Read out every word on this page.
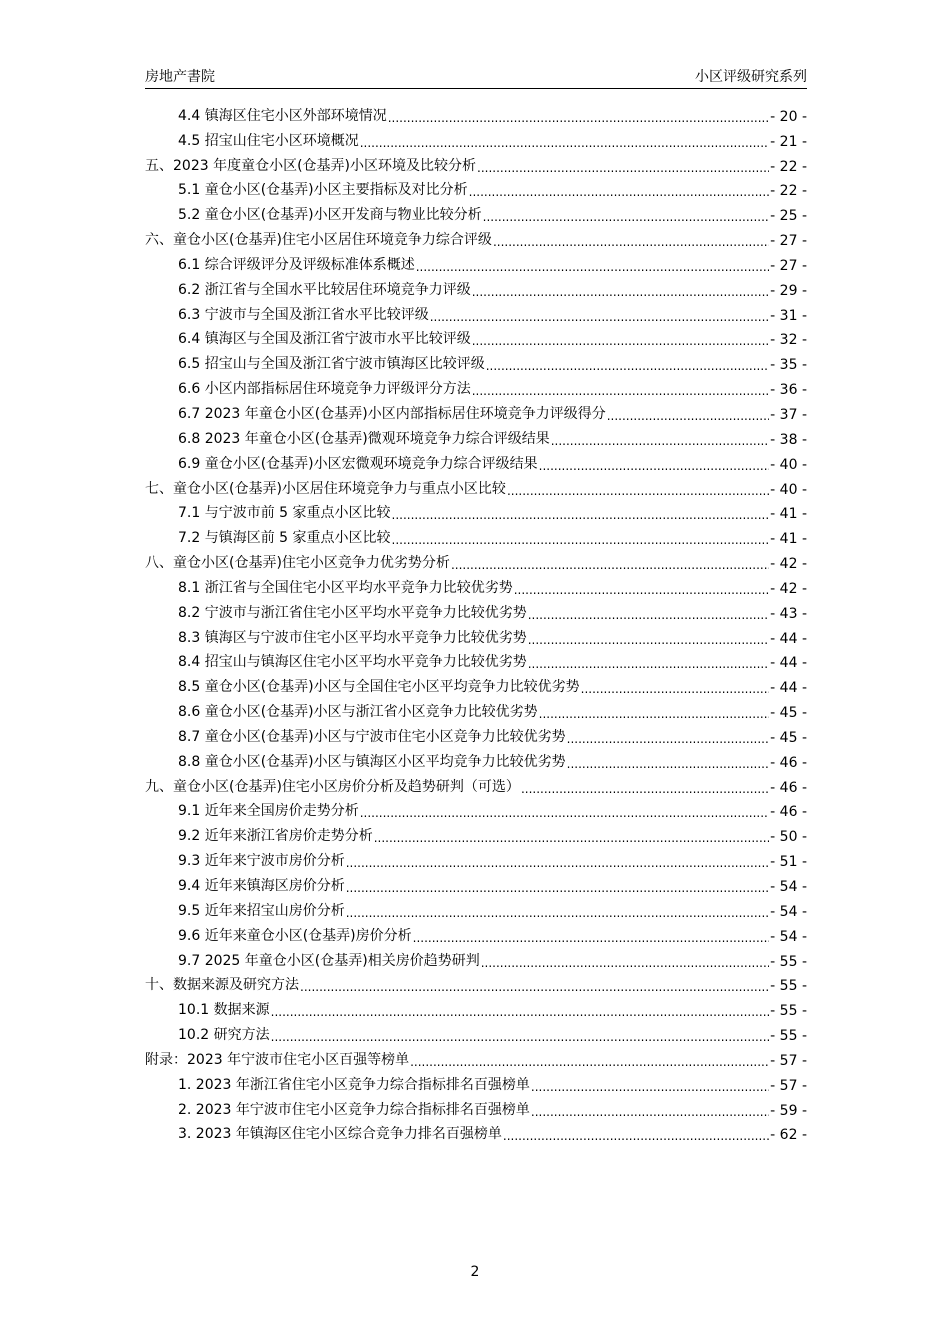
房地产書院	小区评级研究系列
4.4 镇海区住宅小区外部环境情况 .....	- 20 -
4.5 招宝山住宅小区环境概况 .....	- 21 -
五、2023 年度童仓小区(仓基弄)小区环境及比较分析 .....	- 22 -
5.1 童仓小区(仓基弄)小区主要指标及对比分析 .....	- 22 -
5.2 童仓小区(仓基弄)小区开发商与物业比较分析 .....	- 25 -
六、童仓小区(仓基弄)住宅小区居住环境竞争力综合评级 .....	- 27 -
6.1 综合评级评分及评级标准体系概述 .....	- 27 -
6.2 浙江省与全国水平比较居住环境竞争力评级 .....	- 29 -
6.3 宁波市与全国及浙江省水平比较评级 .....	- 31 -
6.4 镇海区与全国及浙江省宁波市水平比较评级 .....	- 32 -
6.5 招宝山与全国及浙江省宁波市镇海区比较评级 .....	- 35 -
6.6 小区内部指标居住环境竞争力评级评分方法 .....	- 36 -
6.7 2023 年童仓小区(仓基弄)小区内部指标居住环境竞争力评级得分 .....	- 37 -
6.8 2023 年童仓小区(仓基弄)微观环境竞争力综合评级结果 .....	- 38 -
6.9 童仓小区(仓基弄)小区宏微观环境竞争力综合评级结果 .....	- 40 -
七、童仓小区(仓基弄)小区居住环境竞争力与重点小区比较 .....	- 40 -
7.1 与宁波市前 5 家重点小区比较 .....	- 41 -
7.2 与镇海区前 5 家重点小区比较 .....	- 41 -
八、童仓小区(仓基弄)住宅小区竞争力优劣势分析 .....	- 42 -
8.1 浙江省与全国住宅小区平均水平竞争力比较优劣势 .....	- 42 -
8.2 宁波市与浙江省住宅小区平均水平竞争力比较优劣势 .....	- 43 -
8.3 镇海区与宁波市住宅小区平均水平竞争力比较优劣势 .....	- 44 -
8.4 招宝山与镇海区住宅小区平均水平竞争力比较优劣势 .....	- 44 -
8.5 童仓小区(仓基弄)小区与全国住宅小区平均竞争力比较优劣势 .....	- 44 -
8.6 童仓小区(仓基弄)小区与浙江省小区竞争力比较优劣势 .....	- 45 -
8.7 童仓小区(仓基弄)小区与宁波市住宅小区竞争力比较优劣势 .....	- 45 -
8.8 童仓小区(仓基弄)小区与镇海区小区平均竞争力比较优劣势 .....	- 46 -
九、童仓小区(仓基弄)住宅小区房价分析及趋势研判（可选） .....	- 46 -
9.1 近年来全国房价走势分析 .....	- 46 -
9.2 近年来浙江省房价走势分析 .....	- 50 -
9.3 近年来宁波市房价分析 .....	- 51 -
9.4 近年来镇海区房价分析 .....	- 54 -
9.5 近年来招宝山房价分析 .....	- 54 -
9.6 近年来童仓小区(仓基弄)房价分析 .....	- 54 -
9.7 2025 年童仓小区(仓基弄)相关房价趋势研判 .....	- 55 -
十、数据来源及研究方法 .....	- 55 -
10.1 数据来源 .....	- 55 -
10.2 研究方法 .....	- 55 -
附录：2023 年宁波市住宅小区百强等榜单 .....	- 57 -
1. 2023 年浙江省住宅小区竞争力综合指标排名百强榜单 .....	- 57 -
2. 2023 年宁波市住宅小区竞争力综合指标排名百强榜单 .....	- 59 -
3. 2023 年镇海区住宅小区综合竞争力排名百强榜单 .....	- 62 -
2
